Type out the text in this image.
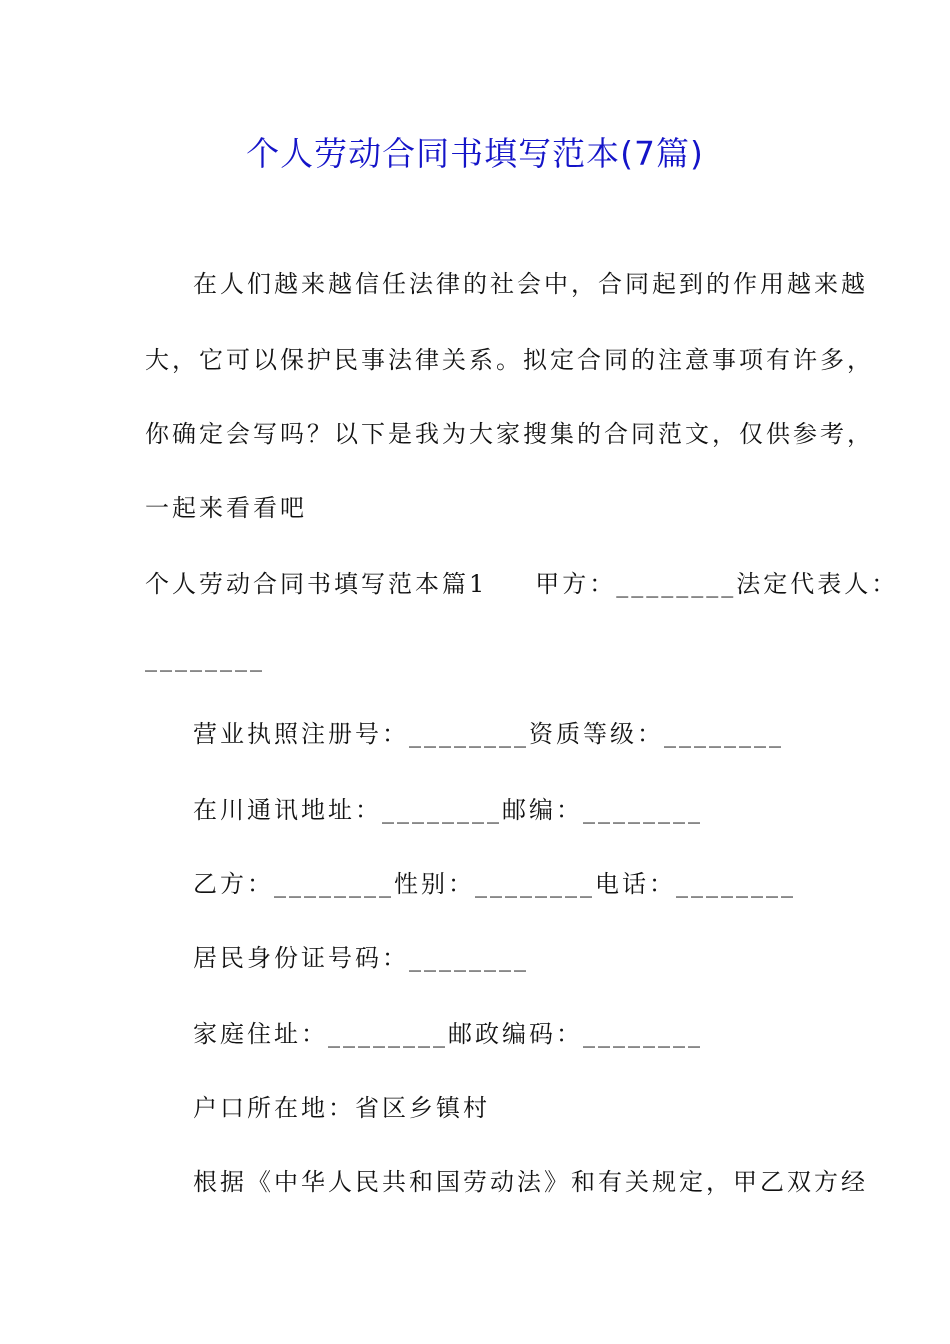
个人劳动合同书填写范本(7篇)
在人们越来越信任法律的社会中，合同起到的作用越来越
大，它可以保护民事法律关系。拟定合同的注意事项有许多，
你确定会写吗？以下是我为大家搜集的合同范文，仅供参考，
一起来看看吧
个人劳动合同书填写范本篇1 甲方：________法定代表人：
________
营业执照注册号：________资质等级：________
在川通讯地址：________邮编：________
乙方：________性别：________电话：________
居民身份证号码：________
家庭住址：________邮政编码：________
户口所在地：省区乡镇村
根据《中华人民共和国劳动法》和有关规定，甲乙双方经
